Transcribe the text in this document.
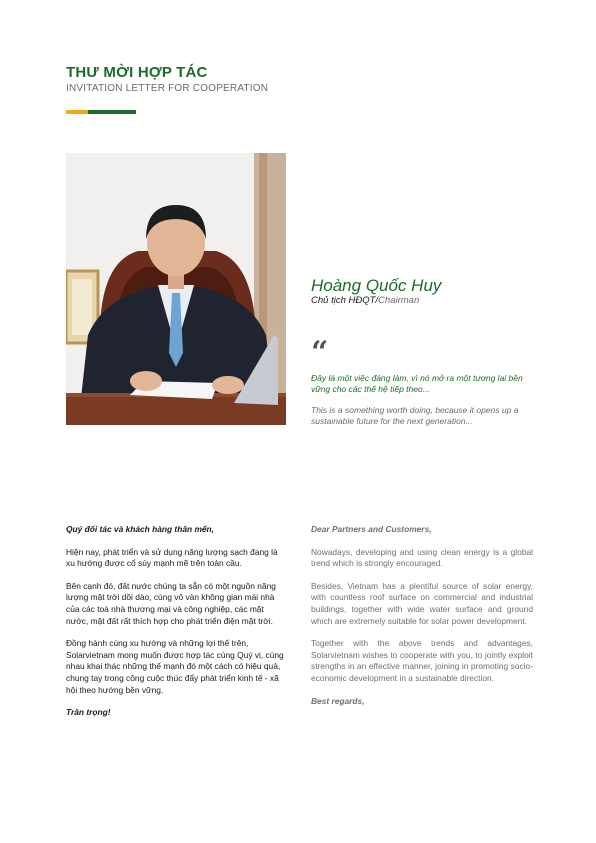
THƯ MỜI HỢP TÁC
INVITATION LETTER FOR COOPERATION
Hoàng Quốc Huy
Chủ tịch HĐQT/Chairman
“

Đây là một việc đáng làm, vì nó mở ra một tương lai bền vững cho các thế hệ tiếp theo...

This is a something worth doing, because it opens up a sustainable future for the next generation...

Quý đối tác và khách hàng thân mến,

Hiện nay, phát triển và sử dụng năng lượng sạch đang là xu hướng được cổ súy mạnh mẽ trên toàn cầu.

Bên cạnh đó, đất nước chúng ta sẵn có một nguồn năng lượng mặt trời dồi dào, cùng vô vàn không gian mái nhà của các toà nhà thương mại và công nghiệp, các mặt nước, mặt đất rất thích hợp cho phát triển điện mặt trời.

Đồng hành cùng xu hướng và những lợi thế trên, Solarvietnam mong muốn được hợp tác cùng Quý vị, cùng nhau khai thác những thế mạnh đó một cách có hiệu quả, chung tay trong công cuộc thúc đẩy phát triển kinh tế - xã hội theo hướng bền vững.

Trân trọng!

Dear Partners and Customers,

Nowadays, developing and using clean energy is a global trend which is strongly encouraged.

Besides, Vietnam has a plentiful source of solar energy, with countless roof surface on commercial and industrial buildings, together with wide water surface and ground which are extremely suitable for solar power development.

Together with the above trends and advantages, Solarvietnam wishes to cooperate with you, to jointly exploit strengths in an effective manner, joining in promoting socio-economic development in a sustainable direction.

Best regards,
